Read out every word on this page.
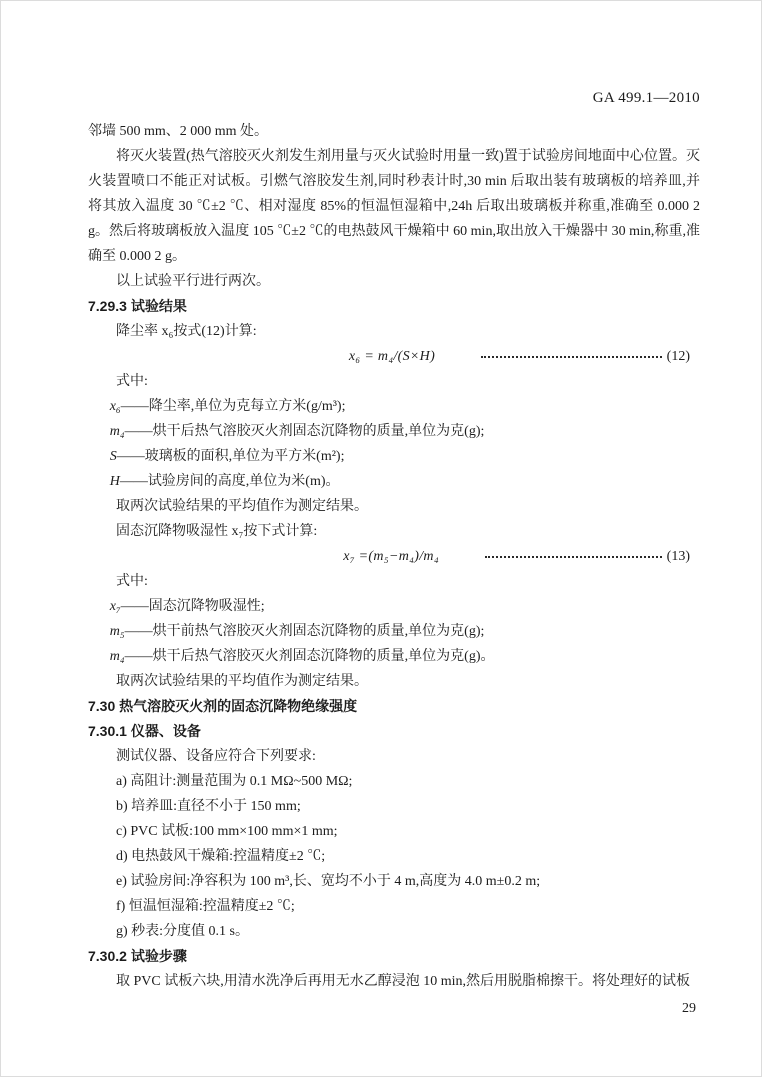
GA 499.1—2010

邻墙 500 mm、2 000 mm 处。

将灭火装置(热气溶胶灭火剂发生剂用量与灭火试验时用量一致)置于试验房间地面中心位置。灭火装置喷口不能正对试板。引燃气溶胶发生剂,同时秒表计时,30 min 后取出装有玻璃板的培养皿,并将其放入温度 30 ℃±2 ℃、相对湿度 85%的恒温恒湿箱中,24h 后取出玻璃板并称重,准确至 0.000 2 g。然后将玻璃板放入温度 105 ℃±2 ℃的电热鼓风干燥箱中 60 min,取出放入干燥器中 30 min,称重,准确至 0.000 2 g。

以上试验平行进行两次。

7.29.3 试验结果

降尘率 x₆按式(12)计算:

x₆ = m₄/(S×H)	(12)

式中:

x₆——降尘率,单位为克每立方米(g/m³);

m₄——烘干后热气溶胶灭火剂固态沉降物的质量,单位为克(g);

S——玻璃板的面积,单位为平方米(m²);

H——试验房间的高度,单位为米(m)。

取两次试验结果的平均值作为测定结果。

固态沉降物吸湿性 x₇按下式计算:

x₇ =(m₅−m₄)/m₄	(13)

式中:

x₇——固态沉降物吸湿性;

m₅——烘干前热气溶胶灭火剂固态沉降物的质量,单位为克(g);

m₄——烘干后热气溶胶灭火剂固态沉降物的质量,单位为克(g)。

取两次试验结果的平均值作为测定结果。

7.30 热气溶胶灭火剂的固态沉降物绝缘强度
7.30.1 仪器、设备

测试仪器、设备应符合下列要求:

a) 高阻计:测量范围为 0.1 MΩ~500 MΩ;

b) 培养皿:直径不小于 150 mm;

c) PVC 试板:100 mm×100 mm×1 mm;

d) 电热鼓风干燥箱:控温精度±2 ℃;

e) 试验房间:净容积为 100 m³,长、宽均不小于 4 m,高度为 4.0 m±0.2 m;

f) 恒温恒湿箱:控温精度±2 ℃;

g) 秒表:分度值 0.1 s。

7.30.2 试验步骤

取 PVC 试板六块,用清水洗净后再用无水乙醇浸泡 10 min,然后用脱脂棉擦干。将处理好的试板

29
